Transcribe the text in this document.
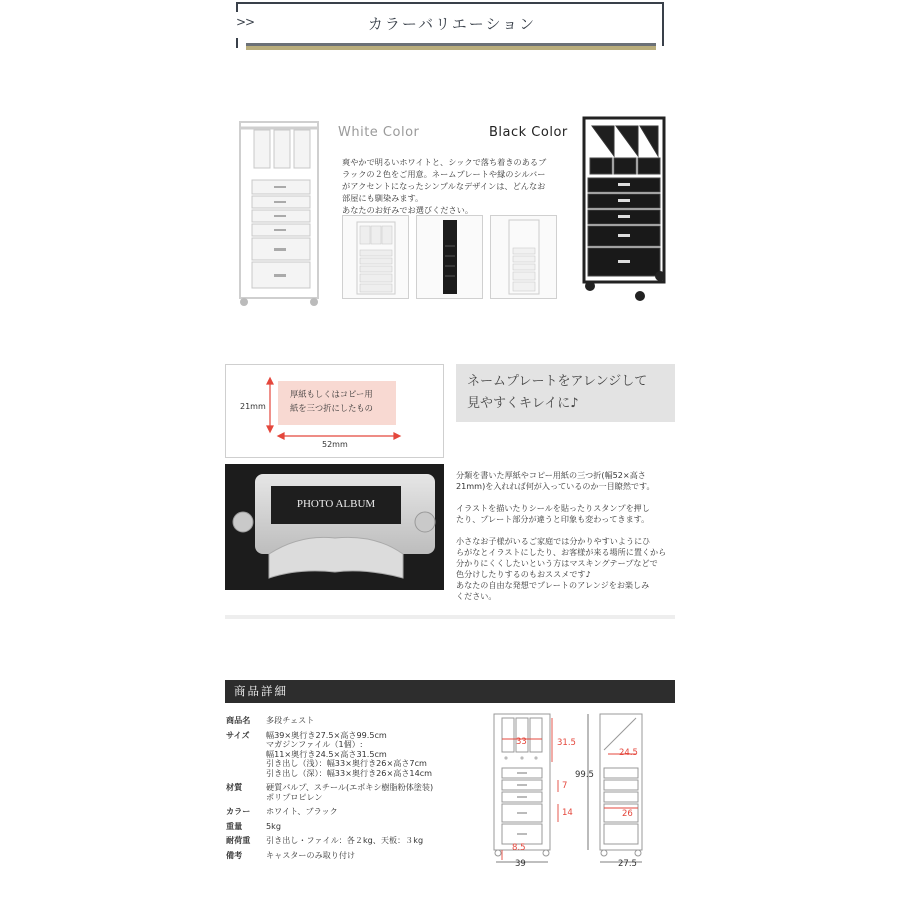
>>	カラーバリエーション
White Color	Black Color
爽やかで明るいホワイトと、シックで落ち着きのあるブ
ラックの２色をご用意。ネームプレートや縁のシルバー
がアクセントになったシンプルなデザインは、どんなお
部屋にも馴染みます。
あなたのお好みでお選びください。
厚紙もしくはコピー用
紙を三つ折にしたもの
21mm
52mm
ネームプレートをアレンジして
見やすくキレイに♪
PHOTO ALBUM

分類を書いた厚紙やコピー用紙の三つ折(幅52×高さ
21mm)を入れれば何が入っているのか一目瞭然です。

イラストを描いたりシールを貼ったりスタンプを押し
たり、プレート部分が違うと印象も変わってきます。

小さなお子様がいるご家庭では分かりやすいようにひ
らがなとイラストにしたり、お客様が来る場所に置くから
分かりにくくしたいという方はマスキングテープなどで
色分けしたりするのもおススメです♪
あなたの自由な発想でプレートのアレンジをお楽しみ
ください。

商品詳細
商品名	多段チェスト
サイズ	幅39×奥行き27.5×高さ99.5cm
マガジンファイル（1個）:
幅11×奥行き24.5×高さ31.5cm
引き出し（浅）：幅33×奥行き26×高さ7cm
引き出し（深）：幅33×奥行き26×高さ14cm
材質	硬質パルプ、スチール(エポキシ樹脂粉体塗装)
ポリプロピレン
カラー	ホワイト、ブラック
重量	5kg
耐荷重	引き出し・ファイル：各２kg、天板：３kg
備考	キャスターのみ取り付け
33	31.5
99.5
7
14
8.5
39
24.5
26
27.5
